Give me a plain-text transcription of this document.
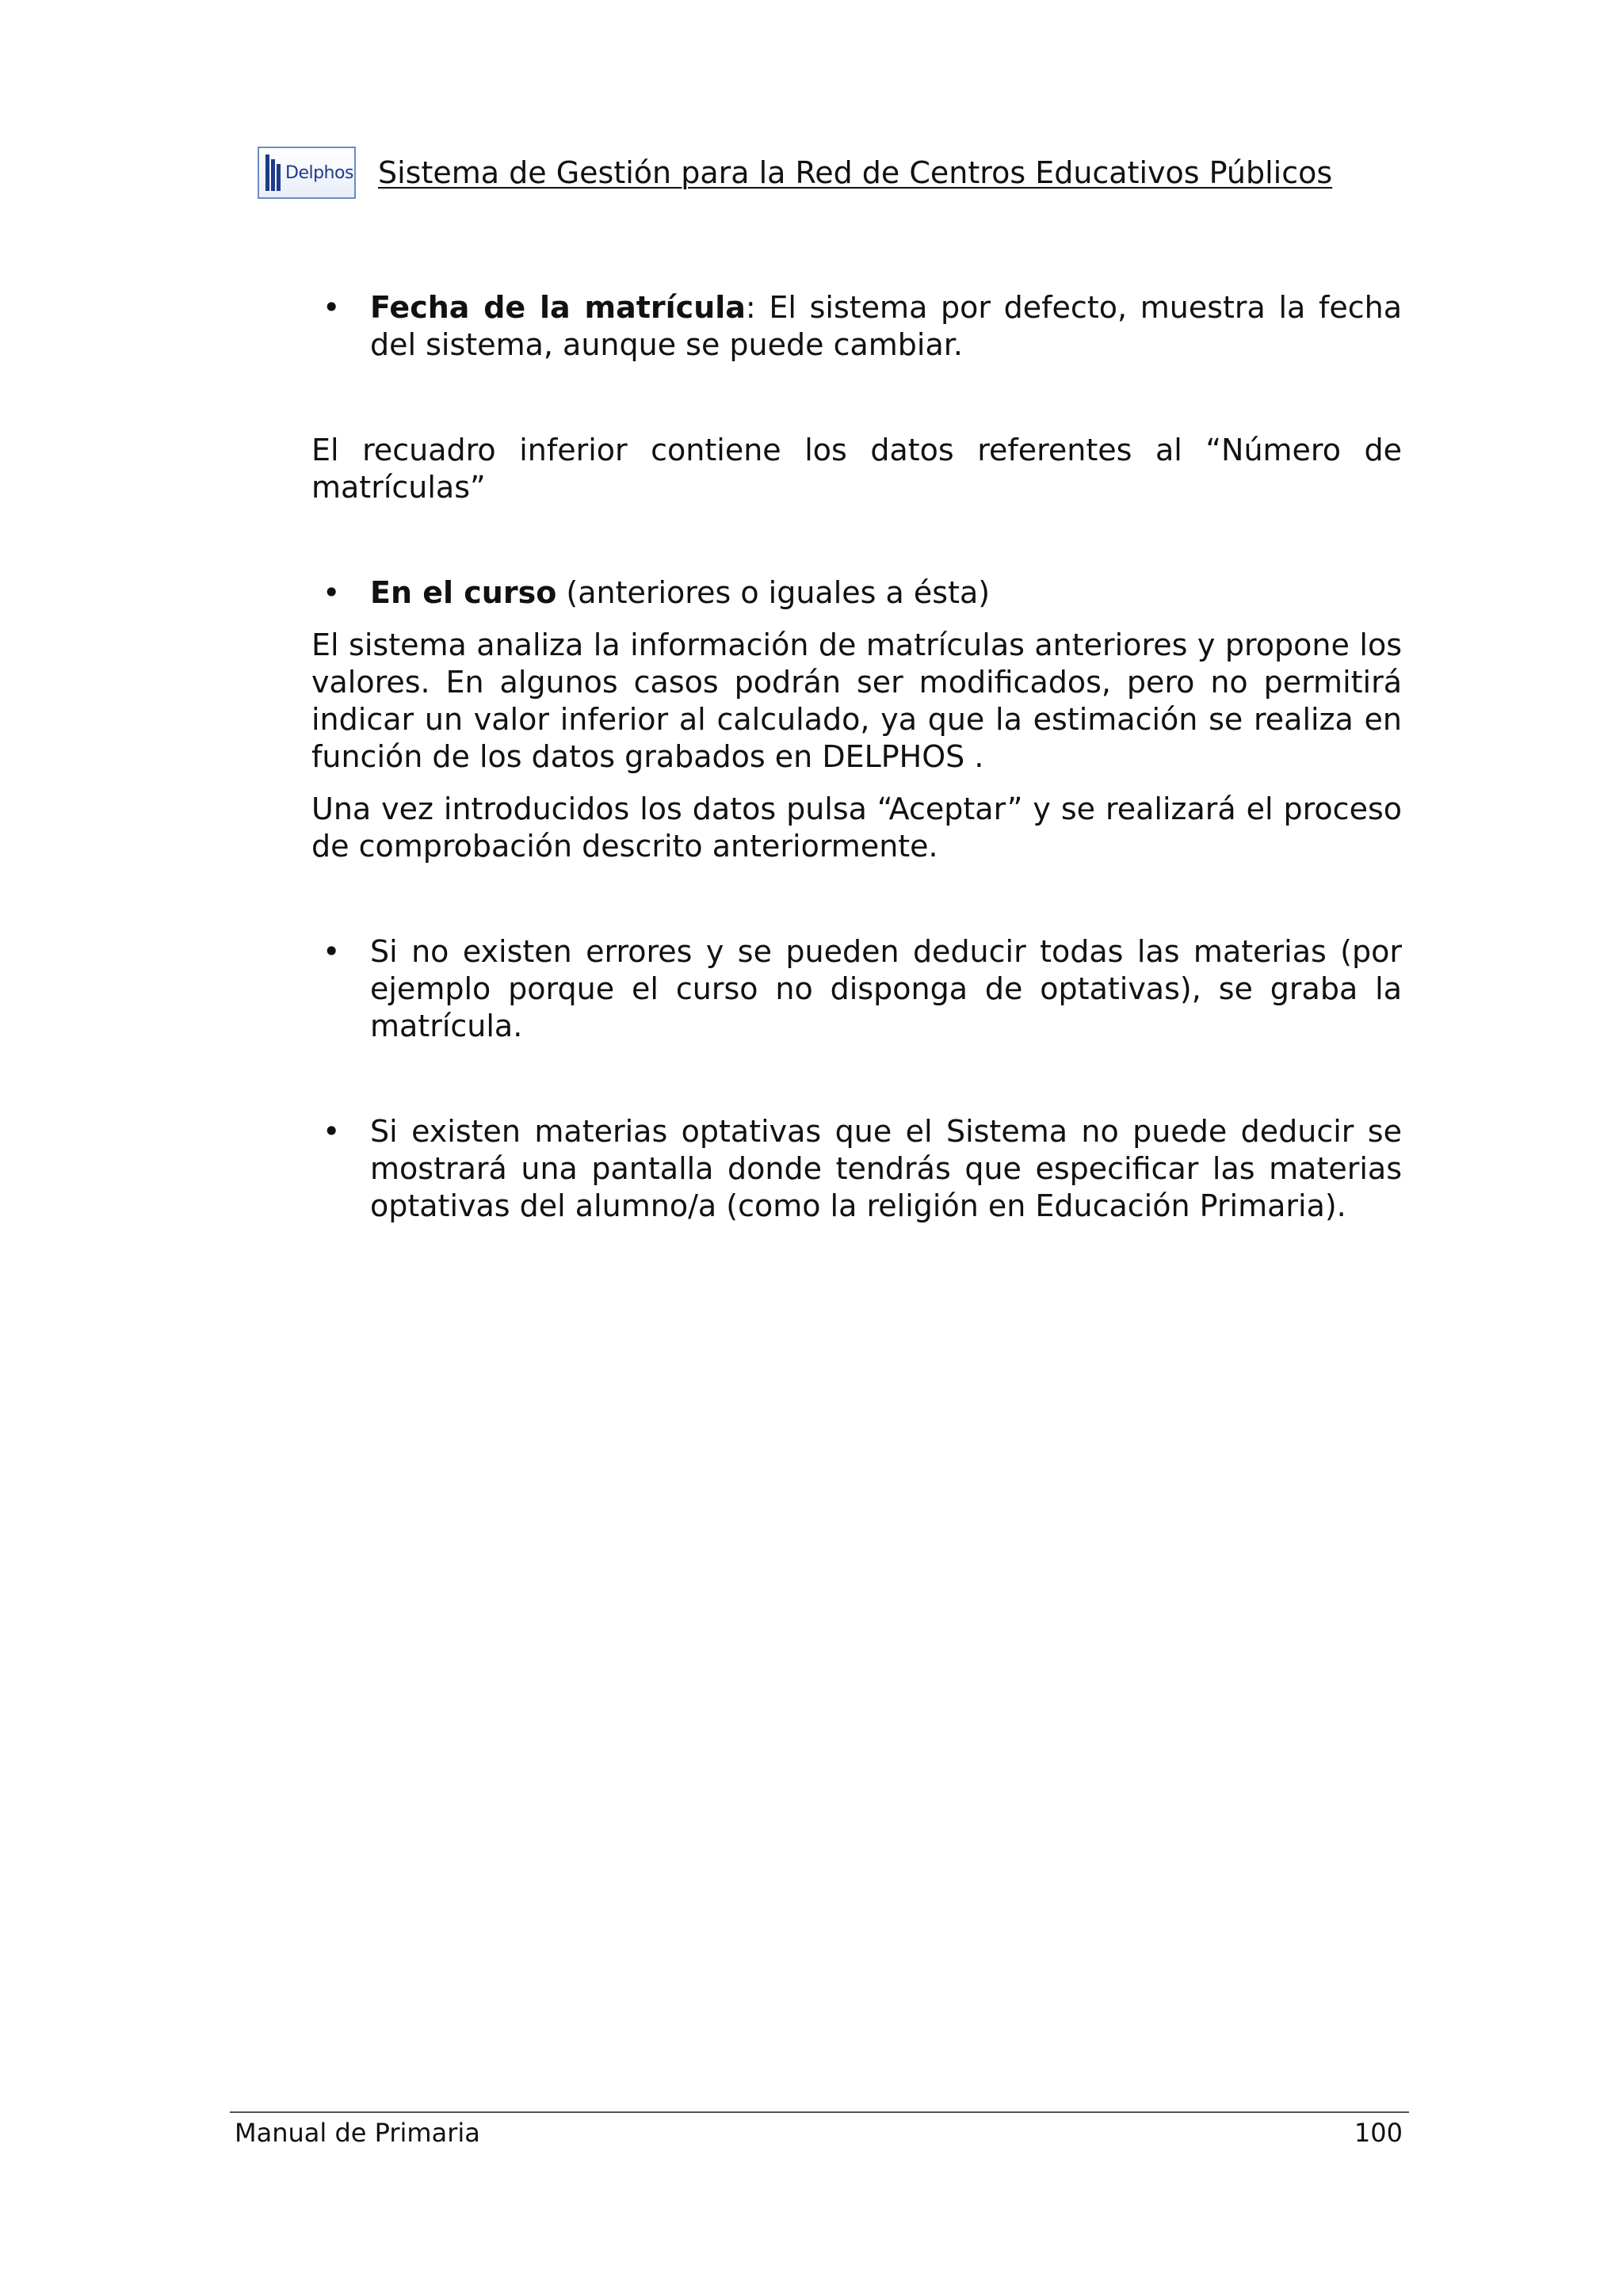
Delphos Sistema de Gestión para la Red de Centros Educativos Públicos
• Fecha de la matrícula: El sistema por defecto, muestra la fecha del sistema, aunque se puede cambiar.

El recuadro inferior contiene los datos referentes al “Número de matrículas”

• En el curso (anteriores o iguales a ésta)

El sistema analiza la información de matrículas anteriores y propone los valores. En algunos casos podrán ser modificados, pero no permitirá indicar un valor inferior al calculado, ya que la estimación se realiza en función de los datos grabados en DELPHOS .

Una vez introducidos los datos pulsa “Aceptar” y se realizará el proceso de comprobación descrito anteriormente.

• Si no existen errores y se pueden deducir todas las materias (por ejemplo porque el curso no disponga de optativas), se graba la matrícula.
• Si existen materias optativas que el Sistema no puede deducir se mostrará una pantalla donde tendrás que especificar las materias optativas del alumno/a (como la religión en Educación Primaria).
Manual de Primaria	100
